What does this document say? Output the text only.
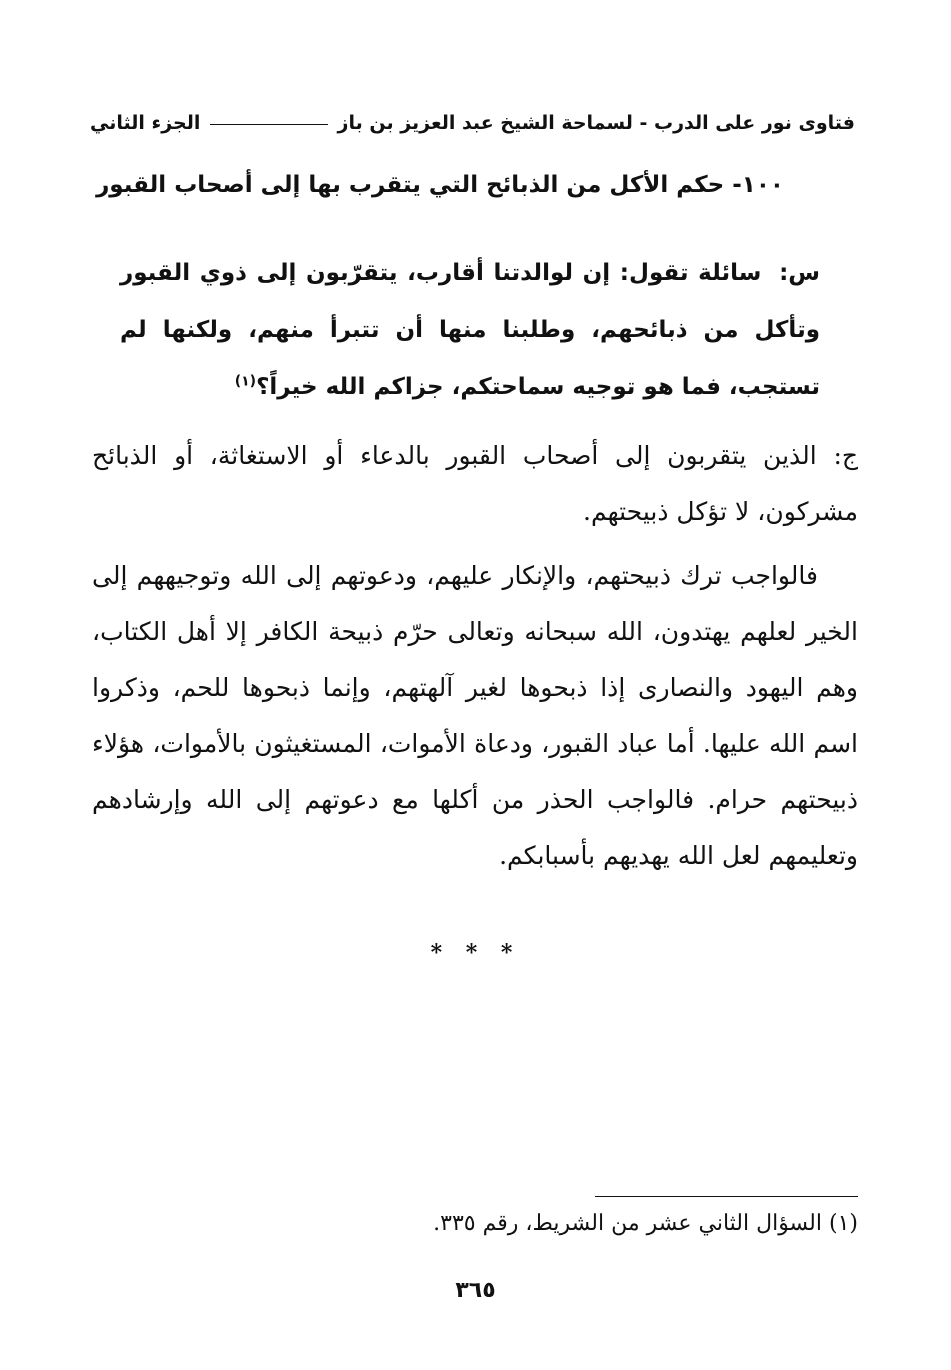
فتاوى نور على الدرب - لسماحة الشيخ عبد العزيز بن باز
الجزء الثاني
١٠٠- حكم الأكل من الذبائح التي يتقرب بها إلى أصحاب القبور
س: سائلة تقول: إن لوالدتنا أقارب، يتقرّبون إلى ذوي القبور وتأكل من ذبائحهم، وطلبنا منها أن تتبرأ منهم، ولكنها لم تستجب، فما هو توجيه سماحتكم، جزاكم الله خيراً؟$^{(١)}$
ج: الذين يتقربون إلى أصحاب القبور بالدعاء أو الاستغاثة، أو الذبائح مشركون، لا تؤكل ذبيحتهم.
فالواجب ترك ذبيحتهم، والإنكار عليهم، ودعوتهم إلى الله وتوجيههم إلى الخير لعلهم يهتدون، الله سبحانه وتعالى حرّم ذبيحة الكافر إلا أهل الكتاب، وهم اليهود والنصارى إذا ذبحوها لغير آلهتهم، وإنما ذبحوها للحم، وذكروا اسم الله عليها. أما عباد القبور، ودعاة الأموات، المستغيثون بالأموات، هؤلاء ذبيحتهم حرام. فالواجب الحذر من أكلها مع دعوتهم إلى الله وإرشادهم وتعليمهم لعل الله يهديهم بأسبابكم.
* * *
(١) السؤال الثاني عشر من الشريط، رقم ٣٣٥.
٣٦٥
